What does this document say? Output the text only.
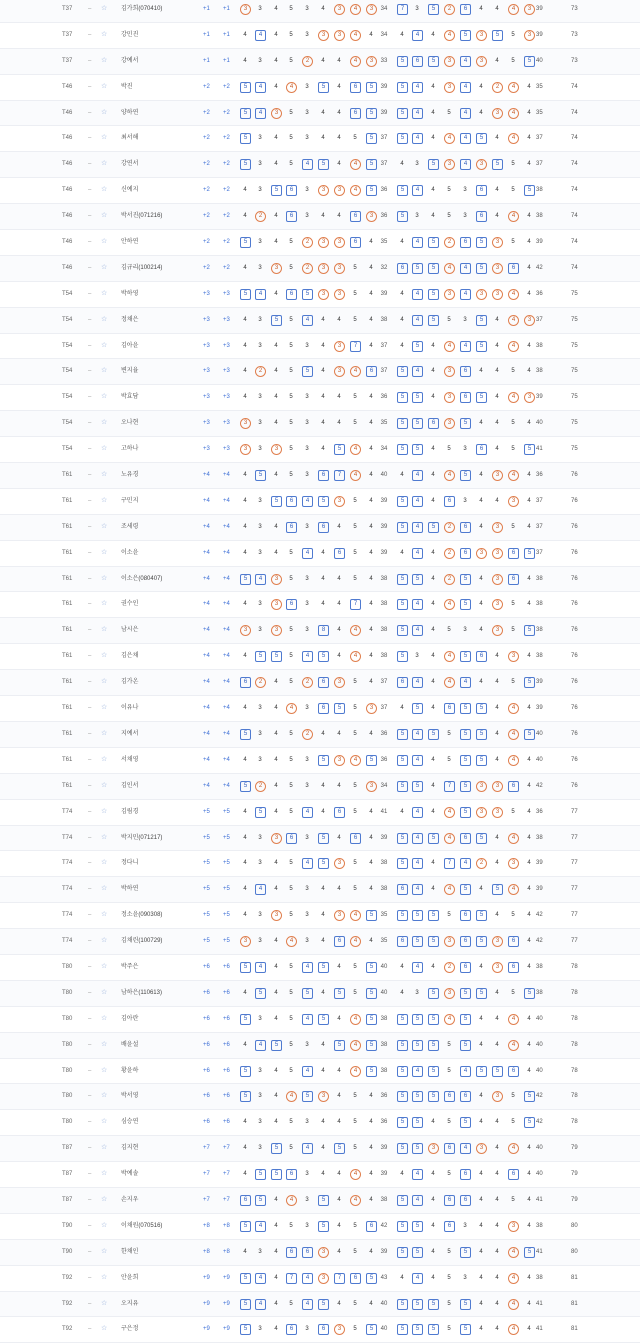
T37	– ☆ 김가희(070410)	+1 +1	3	3	4	5	3	4	3	4	3	34	7	3	5	2	6	4	4	4	3 39	73
T37	– ☆ 강민진	+1 +1	4	4	4	5	3	3	3	4	4	34	4	4	4	4	5	3	5	5	3 39	73
T37	– ☆ 강예서	+1 +1	4	3	4	5	2	4	4	4	3	33	5	6	5	3	4	3	4	5	5 40	73
T46	– ☆ 박진	+2 +2	5	4	4	4	3	5	4	6	5	39	5	4	4	3	4	4	2	4	4 35	74
T46	– ☆ 양하연	+2 +2	5	4	3	5	3	4	4	6	5	39	5	4	4	5	4	4	3	4	4 35	74
T46	– ☆ 최서해	+2 +2	5	3	4	5	3	4	4	5	5	37	5	4	4	4	4	5	4	4	4 37	74
T46	– ☆ 강연서	+2 +2	5	3	4	5	4	5	4	4	5	37	4	3	5	3	4	3	5	5	4 37	74
T46	– ☆ 신예지	+2 +2	4	3	5	6	3	3	3	4	5	36	5	4	4	5	3	6	4	5	5 38	74
T46	– ☆ 박서진(071216)	+2 +2	4	2	4	6	3	4	4	6	3	36	5	3	4	5	3	6	4	4	4 38	74
T46	– ☆ 안하연	+2 +2	5	3	4	5	2	3	3	6	4	35	4	4	5	2	6	5	3	5	4 39	74
T46	– ☆ 김규리(100214)	+2 +2	4	3	3	5	2	3	3	5	4	32	6	5	5	4	4	5	3	6	4 42	74
T54	– ☆ 박하영	+3 +3	5	4	4	6	5	3	3	5	4	39	4	4	5	3	4	3	3	4	4 36	75
T54	– ☆ 정채은	+3 +3	4	3	5	5	4	4	4	5	4	38	4	4	5	5	3	5	4	4	3 37	75
T54	– ☆ 김아윤	+3 +3	4	3	4	5	3	4	3	7	4	37	4	5	4	4	4	5	4	4	4 38	75
T54	– ☆ 변지율	+3 +3	4	2	4	5	5	4	3	4	6	37	5	4	4	3	6	4	4	5	4 38	75
T54	– ☆ 박효담	+3 +3	4	3	4	5	3	4	4	5	4	36	5	5	4	3	6	5	4	4	3 39	75
T54	– ☆ 오나현	+3 +3	3	3	4	5	3	4	4	5	4	35	5	5	6	3	5	4	4	5	4 40	75
T54	– ☆ 고하나	+3 +3	3	3	3	5	3	4	5	4	4	34	5	5	4	5	3	6	4	5	5 41	75
T61	– ☆ 노유경	+4 +4	4	5	4	5	3	6	7	4	4	40	4	4	4	4	5	4	3	4	4 36	76
T61	– ☆ 구민지	+4 +4	4	3	5	6	4	5	3	5	4	39	5	4	4	6	3	4	4	3	4 37	76
T61	– ☆ 조세령	+4 +4	4	3	4	6	3	6	4	5	4	39	5	4	5	2	6	4	3	5	4 37	76
T61	– ☆ 이소윤	+4 +4	4	3	4	5	4	4	6	5	4	39	4	4	4	2	6	3	3	6	5 37	76
T61	– ☆ 이소은(080407)	+4 +4	5	4	3	5	3	4	4	5	4	38	5	5	4	2	5	4	3	6	4 38	76
T61	– ☆ 권수인	+4 +4	4	3	3	6	3	4	4	7	4	38	5	4	4	4	5	4	3	5	4 38	76
T61	– ☆ 남시은	+4 +4	3	3	3	5	3	8	4	4	4	38	5	4	4	5	3	4	3	5	5 38	76
T61	– ☆ 김은채	+4 +4	4	5	5	5	4	5	4	4	4	38	5	3	4	4	5	6	4	3	4 38	76
T61	– ☆ 김가온	+4 +4	6	2	4	5	2	6	3	5	4	37	6	4	4	4	4	4	4	5	5 39	76
T61	– ☆ 이유나	+4 +4	4	3	4	4	3	6	5	5	3	37	4	5	4	6	5	5	4	4	4 39	76
T61	– ☆ 지예서	+4 +4	5	3	4	5	2	4	4	5	4	36	5	4	5	5	5	5	4	4	5 40	76
T61	– ☆ 서채영	+4 +4	4	3	4	5	3	5	3	4	5	36	5	4	4	5	5	5	4	4	4 40	76
T61	– ☆ 김인서	+4 +4	5	2	4	5	3	4	4	5	3	34	5	5	4	7	5	3	3	6	4 42	76
T74	– ☆ 김림경	+5 +5	4	5	4	5	4	4	6	5	4	41	4	4	4	4	5	3	3	5	4 36	77
T74	– ☆ 박지민(071217)	+5 +5	4	3	3	6	3	5	4	6	4	39	5	4	5	4	6	5	4	4	4 38	77
T74	– ☆ 정다니	+5 +5	4	3	4	5	4	5	3	5	4	38	5	4	4	7	4	2	4	3	4 39	77
T74	– ☆ 박하연	+5 +5	4	4	4	5	3	4	4	5	4	38	6	4	4	4	5	4	5	4	4 39	77
T74	– ☆ 정소윤(090308)	+5 +5	4	3	3	5	3	4	3	4	5	35	5	5	5	5	6	5	4	5	4 42	77
T74	– ☆ 김채린(100729)	+5 +5	3	3	4	4	3	4	6	4	4	35	6	5	5	3	6	5	3	6	4 42	77
T80	– ☆ 박주은	+6 +6	5	4	4	5	4	5	4	5	5	40	4	4	4	2	6	4	3	6	4 38	78
T80	– ☆ 남하은(110613)	+6 +6	4	5	4	5	5	4	5	5	5	40	4	3	5	3	5	5	4	5	5 38	78
T80	– ☆ 김아란	+6 +6	5	3	4	5	4	5	4	4	5	38	5	5	5	4	5	4	4	4	4 40	78
T80	– ☆ 배윤설	+6 +6	4	4	5	5	3	4	5	4	5	38	5	5	5	5	5	4	4	4	4 40	78
T80	– ☆ 황윤하	+6 +6	5	3	4	5	4	4	4	4	5	38	5	4	5	5	4	5	5	6	4 40	78
T80	– ☆ 박서영	+6 +6	5	3	4	4	5	3	4	5	4	36	5	5	5	6	6	4	3	5	5 42	78
T80	– ☆ 심승연	+6 +6	4	3	4	5	3	4	4	5	4	36	5	5	4	5	5	4	4	5	5 42	78
T87	– ☆ 김지현	+7 +7	4	3	5	5	4	4	5	5	4	39	5	5	3	6	4	3	4	4	4 40	79
T87	– ☆ 박예솔	+7 +7	4	5	5	6	3	4	4	4	4	39	4	4	4	5	6	4	4	6	4 40	79
T87	– ☆ 손지우	+7 +7	6	5	4	4	3	5	4	4	4	38	5	4	4	6	6	4	4	5	4 41	79
T90	– ☆ 이채원(070516)	+8 +8	5	4	4	5	3	5	4	5	6	42	5	5	4	6	3	4	4	3	4 38	80
T90	– ☆ 한채인	+8 +8	4	3	4	6	6	3	4	5	4	39	5	5	4	5	5	4	4	4	5 41	80
T92	– ☆ 안윤희	+9 +9	5	4	4	7	4	3	7	6	5	43	4	4	4	5	3	4	4	4	4 38	81
T92	– ☆ 오지유	+9 +9	5	4	4	5	4	5	4	5	4	40	5	5	5	5	5	4	4	4	4 41	81
T92	– ☆ 구은정	+9 +9	5	3	4	6	3	6	3	5	5	40	5	5	5	5	5	4	4	4	4 41	81
